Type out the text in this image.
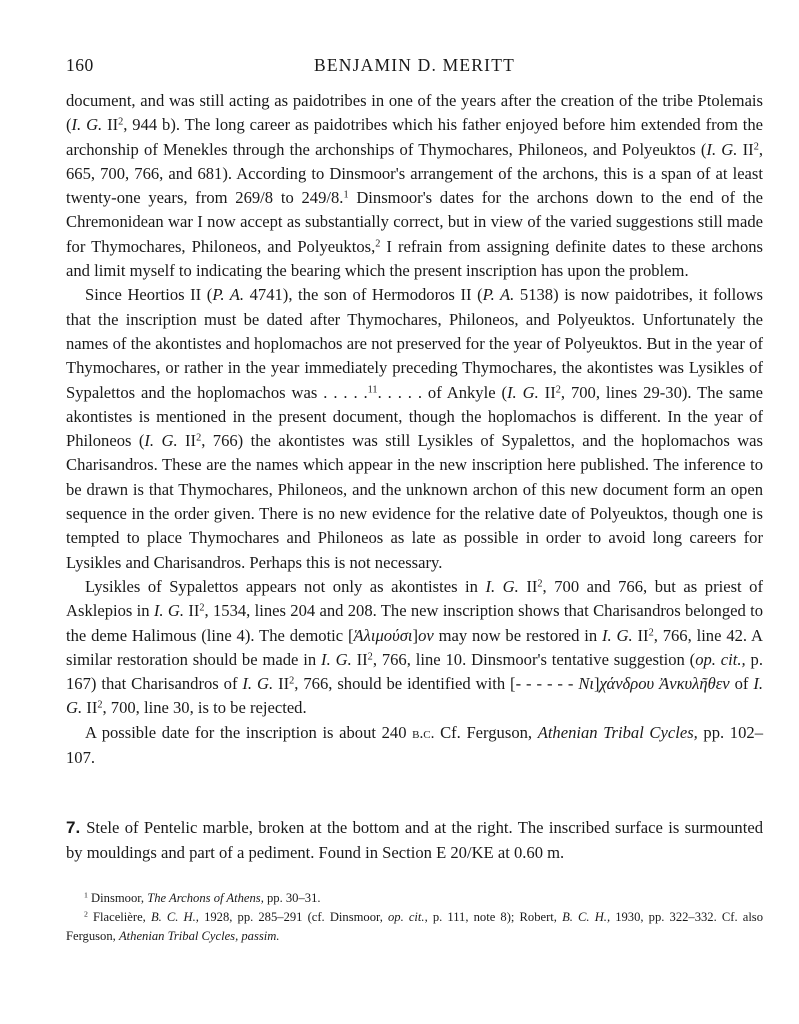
160	BENJAMIN D. MERITT

document, and was still acting as paidotribes in one of the years after the creation of the tribe Ptolemais (I. G. $II^2$, 944 b). The long career as paidotribes which his father enjoyed before him extended from the archonship of Menekles through the archonships of Thymochares, Philoneos, and Polyeuktos (I. G. $II^2$, 665, 700, 766, and 681). According to Dinsmoor's arrangement of the archons, this is a span of at least twenty-one years, from 269/8 to 249/8.$^1$ Dinsmoor's dates for the archons down to the end of the Chremonidean war I now accept as substantially correct, but in view of the varied suggestions still made for Thymochares, Philoneos, and Polyeuktos,$^2$ I refrain from assigning definite dates to these archons and limit myself to indicating the bearing which the present inscription has upon the problem.

Since Heortios II (P. A. 4741), the son of Hermodoros II (P. A. 5138) is now paidotribes, it follows that the inscription must be dated after Thymochares, Philoneos, and Polyeuktos. Unfortunately the names of the akontistes and hoplomachos are not preserved for the year of Polyeuktos. But in the year of Thymochares, or rather in the year immediately preceding Thymochares, the akontistes was Lysikles of Sypalettos and the hoplomachos was . . . . .$^{11}$. . . . . of Ankyle (I. G. $II^2$, 700, lines 29-30). The same akontistes is mentioned in the present document, though the hoplomachos is different. In the year of Philoneos (I. G. $II^2$, 766) the akontistes was still Lysikles of Sypalettos, and the hoplomachos was Charisandros. These are the names which appear in the new inscription here published. The inference to be drawn is that Thymochares, Philoneos, and the unknown archon of this new document form an open sequence in the order given. There is no new evidence for the relative date of Polyeuktos, though one is tempted to place Thymochares and Philoneos as late as possible in order to avoid long careers for Lysikles and Charisandros. Perhaps this is not necessary.

Lysikles of Sypalettos appears not only as akontistes in I. G. $II^2$, 700 and 766, but as priest of Asklepios in I. G. $II^2$, 1534, lines 204 and 208. The new inscription shows that Charisandros belonged to the deme Halimous (line 4). The demotic [Ἁλιμούσι]ον may now be restored in I. G. $II^2$, 766, line 42. A similar restoration should be made in I. G. $II^2$, 766, line 10. Dinsmoor's tentative suggestion (op. cit., p. 167) that Charisandros of I. G. $II^2$, 766, should be identified with [- - - - - - Νι]χάνδρου Ἀνκυλῆθεν of I. G. $II^2$, 700, line 30, is to be rejected.

A possible date for the inscription is about 240 b.c. Cf. Ferguson, Athenian Tribal Cycles, pp. 102–107.

7. Stele of Pentelic marble, broken at the bottom and at the right. The inscribed surface is surmounted by mouldings and part of a pediment. Found in Section E 20/KE at 0.60 m.

$^1$ Dinsmoor, The Archons of Athens, pp. 30–31.

$^2$ Flacelière, B. C. H., 1928, pp. 285–291 (cf. Dinsmoor, op. cit., p. 111, note 8); Robert, B. C. H., 1930, pp. 322–332. Cf. also Ferguson, Athenian Tribal Cycles, passim.
